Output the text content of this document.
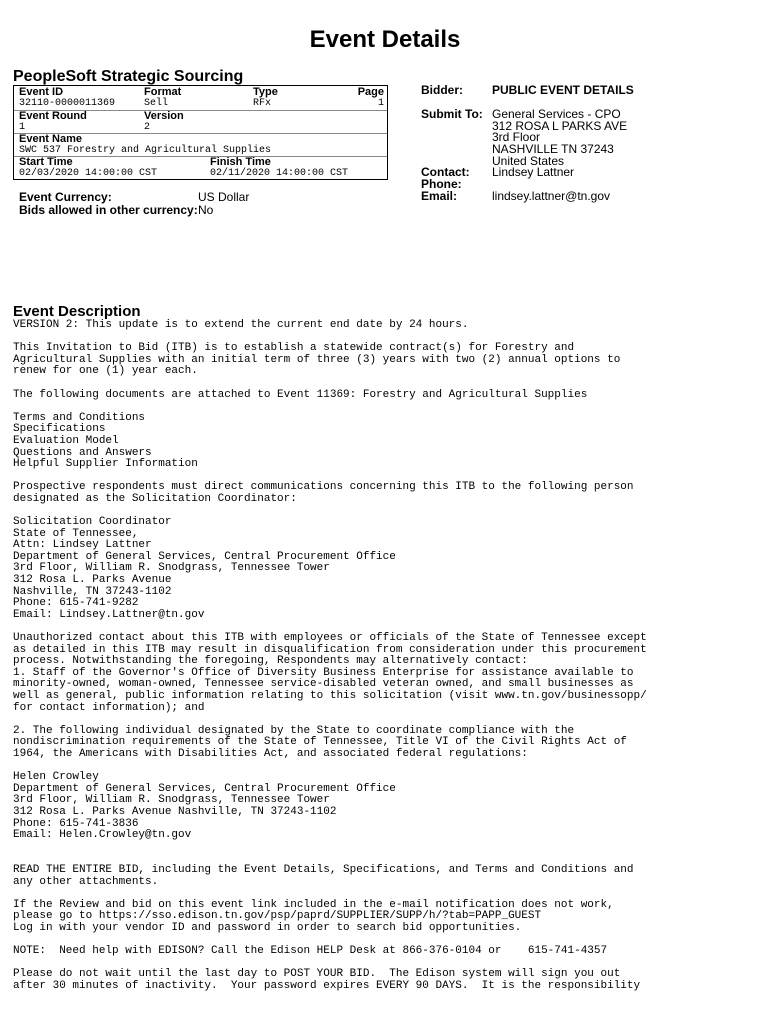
Event Details
PeopleSoft Strategic Sourcing
Event ID
32110-0000011369
Format
Sell
Type
RFx
Page
1
Event Round
1
Version
2
Event Name
SWC 537 Forestry and Agricultural Supplies
Start Time
02/03/2020 14:00:00 CST
Finish Time
02/11/2020 14:00:00 CST
Bidder: PUBLIC EVENT DETAILS
Submit To: General Services - CPO
312 ROSA L PARKS AVE
3rd Floor
NASHVILLE TN 37243
United States
Contact: Lindsey Lattner
Phone:
Email:	lindsey.lattner@tn.gov
Event Currency:	US Dollar
Bids allowed in other currency: No
Event Description
VERSION 2: This update is to extend the current end date by 24 hours.

This Invitation to Bid (ITB) is to establish a statewide contract(s) for Forestry and
Agricultural Supplies with an initial term of three (3) years with two (2) annual options to
renew for one (1) year each.

The following documents are attached to Event 11369: Forestry and Agricultural Supplies

Terms and Conditions
Specifications
Evaluation Model
Questions and Answers
Helpful Supplier Information

Prospective respondents must direct communications concerning this ITB to the following person
designated as the Solicitation Coordinator:

Solicitation Coordinator
State of Tennessee,
Attn: Lindsey Lattner
Department of General Services, Central Procurement Office
3rd Floor, William R. Snodgrass, Tennessee Tower
312 Rosa L. Parks Avenue
Nashville, TN 37243-1102
Phone: 615-741-9282
Email: Lindsey.Lattner@tn.gov

Unauthorized contact about this ITB with employees or officials of the State of Tennessee except
as detailed in this ITB may result in disqualification from consideration under this procurement
process. Notwithstanding the foregoing, Respondents may alternatively contact:
1. Staff of the Governor's Office of Diversity Business Enterprise for assistance available to
minority-owned, woman-owned, Tennessee service-disabled veteran owned, and small businesses as
well as general, public information relating to this solicitation (visit www.tn.gov/businessopp/
for contact information); and

2. The following individual designated by the State to coordinate compliance with the
nondiscrimination requirements of the State of Tennessee, Title VI of the Civil Rights Act of
1964, the Americans with Disabilities Act, and associated federal regulations:

Helen Crowley
Department of General Services, Central Procurement Office
3rd Floor, William R. Snodgrass, Tennessee Tower
312 Rosa L. Parks Avenue Nashville, TN 37243-1102
Phone: 615-741-3836
Email: Helen.Crowley@tn.gov

READ THE ENTIRE BID, including the Event Details, Specifications, and Terms and Conditions and
any other attachments.

If the Review and bid on this event link included in the e-mail notification does not work,
please go to https://sso.edison.tn.gov/psp/paprd/SUPPLIER/SUPP/h/?tab=PAPP_GUEST
Log in with your vendor ID and password in order to search bid opportunities.

NOTE:  Need help with EDISON? Call the Edison HELP Desk at 866-376-0104 or    615-741-4357

Please do not wait until the last day to POST YOUR BID.  The Edison system will sign you out
after 30 minutes of inactivity.  Your password expires EVERY 90 DAYS.  It is the responsibility
